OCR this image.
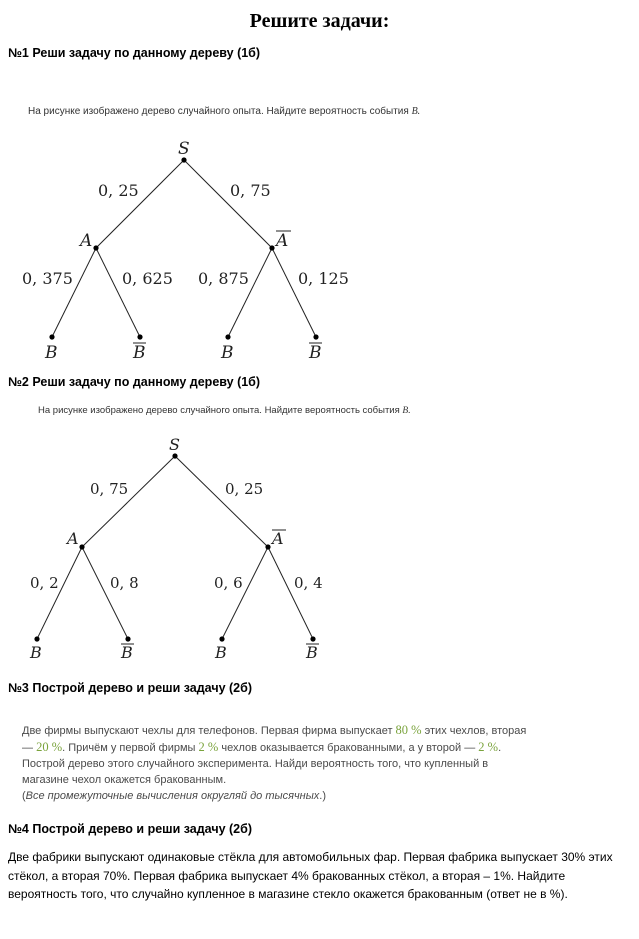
Решите задачи:
№1 Реши задачу по данному дереву (1б)
На рисунке изображено дерево случайного опыта. Найдите вероятность события B.
S
A	A
B	B	B	B
0, 25	0, 75
0, 375	0, 625 0, 875	0, 125
№2 Реши задачу по данному дереву (1б)
На рисунке изображено дерево случайного опыта. Найдите вероятность события B.
S
A	A
B	B	B	B
0, 75	0, 25
0, 2	0, 8	0, 6	0, 4
№3 Построй дерево и реши задачу (2б)
Две фирмы выпускают чехлы для телефонов. Первая фирма выпускает 80 % этих чехлов, вторая
— 20 %. Причём у первой фирмы 2 % чехлов оказывается бракованными, а у второй — 2 %.
Построй дерево этого случайного эксперимента. Найди вероятность того, что купленный в
магазине чехол окажется бракованным.
(Все промежуточные вычисления округляй до тысячных.)
№4 Построй дерево и реши задачу (2б)
Две фабрики выпускают одинаковые стёкла для автомобильных фар. Первая фабрика выпускает 30% этих стёкол, а вторая 70%. Первая фабрика выпускает 4% бракованных стёкол, а вторая – 1%. Найдите вероятность того, что случайно купленное в магазине стекло окажется бракованным (ответ не в %).
